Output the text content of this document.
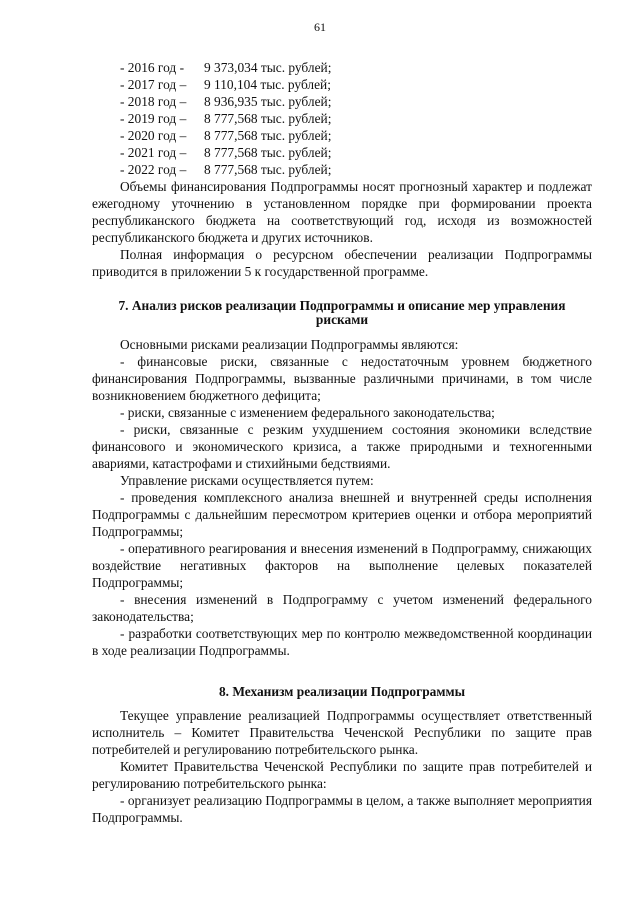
61
- 2016 год - 9 373,034 тыс. рублей;
- 2017 год – 9 110,104 тыс. рублей;
- 2018 год – 8 936,935 тыс. рублей;
- 2019 год – 8 777,568 тыс. рублей;
- 2020 год – 8 777,568 тыс. рублей;
- 2021 год – 8 777,568 тыс. рублей;
- 2022 год – 8 777,568 тыс. рублей;

Объемы финансирования Подпрограммы носят прогнозный характер и подлежат ежегодному уточнению в установленном порядке при формировании проекта республиканского бюджета на соответствующий год, исходя из возможностей республиканского бюджета и других источников.

Полная информация о ресурсном обеспечении реализации Подпрограммы приводится в приложении 5 к государственной программе.

7. Анализ рисков реализации Подпрограммы и описание мер управления рисками

Основными рисками реализации Подпрограммы являются:

- финансовые риски, связанные с недостаточным уровнем бюджетного финансирования Подпрограммы, вызванные различными причинами, в том числе возникновением бюджетного дефицита;

- риски, связанные с изменением федерального законодательства;

- риски, связанные с резким ухудшением состояния экономики вследствие финансового и экономического кризиса, а также природными и техногенными авариями, катастрофами и стихийными бедствиями.

Управление рисками осуществляется путем:

- проведения комплексного анализа внешней и внутренней среды исполнения Подпрограммы с дальнейшим пересмотром критериев оценки и отбора мероприятий Подпрограммы;

- оперативного реагирования и внесения изменений в Подпрограмму, снижающих воздействие негативных факторов на выполнение целевых показателей Подпрограммы;

- внесения изменений в Подпрограмму с учетом изменений федерального законодательства;

- разработки соответствующих мер по контролю межведомственной координации в ходе реализации Подпрограммы.

8. Механизм реализации Подпрограммы

Текущее управление реализацией Подпрограммы осуществляет ответственный исполнитель – Комитет Правительства Чеченской Республики по защите прав потребителей и регулированию потребительского рынка.

Комитет Правительства Чеченской Республики по защите прав потребителей и регулированию потребительского рынка:

- организует реализацию Подпрограммы в целом, а также выполняет мероприятия Подпрограммы.
